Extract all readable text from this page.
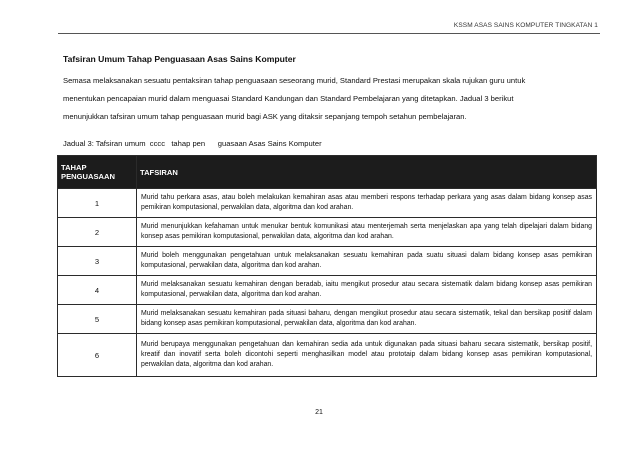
KSSM ASAS SAINS KOMPUTER TINGKATAN 1
Tafsiran Umum Tahap Penguasaan Asas Sains Komputer
Semasa melaksanakan sesuatu pentaksiran tahap penguasaan seseorang murid, Standard Prestasi merupakan skala rujukan guru untuk
menentukan pencapaian murid dalam menguasai Standard Kandungan dan Standard Pembelajaran yang ditetapkan. Jadual 3 berikut
menunjukkan tafsiran umum tahap penguasaan murid bagi ASK yang ditaksir sepanjang tempoh setahun pembelajaran.
Jadual 3: Tafsiran umum  cccc   tahap pen      guasaan Asas Sains Komputer
TAHAP PENGUASAAN	TAFSIRAN
1	Murid tahu perkara asas, atau boleh melakukan kemahiran asas atau memberi respons terhadap perkara yang asas dalam bidang konsep asas pemikiran komputasional, perwakilan data, algoritma dan kod arahan.
2	Murid menunjukkan kefahaman untuk menukar bentuk komunikasi atau menterjemah serta menjelaskan apa yang telah dipelajari dalam bidang konsep asas pemikiran komputasional, perwakilan data, algoritma dan kod arahan.
3	Murid boleh menggunakan pengetahuan untuk melaksanakan sesuatu kemahiran pada suatu situasi dalam bidang konsep asas pemikiran komputasional, perwakilan data, algoritma dan kod arahan.
4	Murid melaksanakan sesuatu kemahiran dengan beradab, iaitu mengikut prosedur atau secara sistematik dalam bidang konsep asas pemikiran komputasional, perwakilan data, algoritma dan kod arahan.
5	Murid melaksanakan sesuatu kemahiran pada situasi baharu, dengan mengikut prosedur atau secara sistematik, tekal dan bersikap positif dalam bidang konsep asas pemikiran komputasional, perwakilan data, algoritma dan kod arahan.
6	Murid berupaya menggunakan pengetahuan dan kemahiran sedia ada untuk digunakan pada situasi baharu secara sistematik, bersikap positif, kreatif dan inovatif serta boleh dicontohi seperti menghasilkan model atau prototaip dalam bidang konsep asas pemikiran komputasional, perwakilan data, algoritma dan kod arahan.
21
